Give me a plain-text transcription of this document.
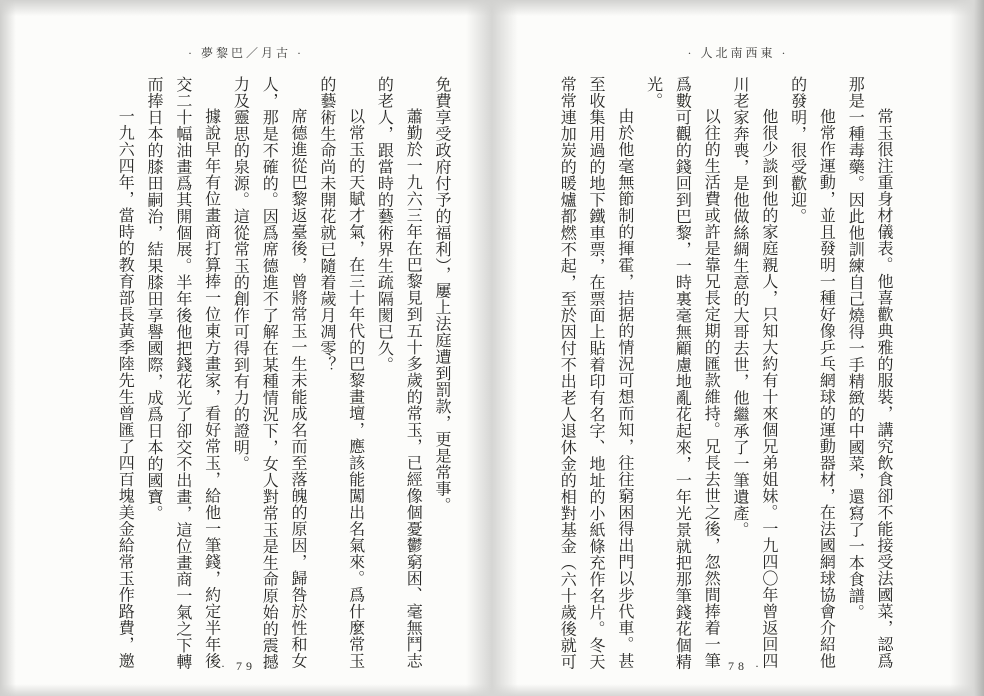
· 夢黎巴／月古 ·

免費享受政府付予的福利），屢上法庭遭到罰款，更是常事。

蕭勤於一九六三年在巴黎見到五十多歲的常玉，已經像個憂鬱窮困、毫無鬥志的老人，跟當時的藝術界生疏隔閡已久。

以常玉的天賦才氣，在三十年代的巴黎畫壇，應該能闖出名氣來。爲什麼常玉的藝術生命尚未開花就已隨着歲月凋零？

席德進從巴黎返臺後，曾將常玉一生未能成名而至落魄的原因，歸咎於性和女人，那是不確的。因爲席德進不了解在某種情況下，女人對常玉是生命原始的震撼力及靈思的泉源。這從常玉的創作可得到有力的證明。

據說早年有位畫商打算捧一位東方畫家，看好常玉，給他一筆錢，約定半年後交二十幅油畫爲其開個展。半年後他把錢花光了卻交不出畫，這位畫商一氣之下轉而捧日本的膝田嗣治，結果膝田享譽國際，成爲日本的國寶。

一九六四年，當時的教育部長黃季陸先生曾匯了四百塊美金給常玉作路費，邀	· 79 ·
· 人北南西東 ·

常玉很注重身材儀表。他喜歡典雅的服裝，講究飲食卻不能接受法國菜，認爲那是一種毒藥。因此他訓練自己燒得一手精緻的中國菜，還寫了一本食譜。

他常作運動，並且發明一種好像乒乓網球的運動器材，在法國網球協會介紹他的發明，很受歡迎。

他很少談到他的家庭親人，只知大約有十來個兄弟姐妹。一九四〇年曾返回四川老家奔喪，是他做絲綢生意的大哥去世，他繼承了一筆遺產。

以往的生活費或許是靠兄長定期的匯款維持。兄長去世之後，忽然間捧着一筆爲數可觀的錢回到巴黎，一時裏毫無顧慮地亂花起來，一年光景就把那筆錢花個精光。

由於他毫無節制的揮霍，拮据的情況可想而知，往往窮困得出門以步代車。甚至收集用過的地下鐵車票，在票面上貼着印有名字、地址的小紙條充作名片。冬天常常連加炭的暖爐都燃不起，至於因付不出老人退休金的相對基金（六十歲後就可	· 78 ·
